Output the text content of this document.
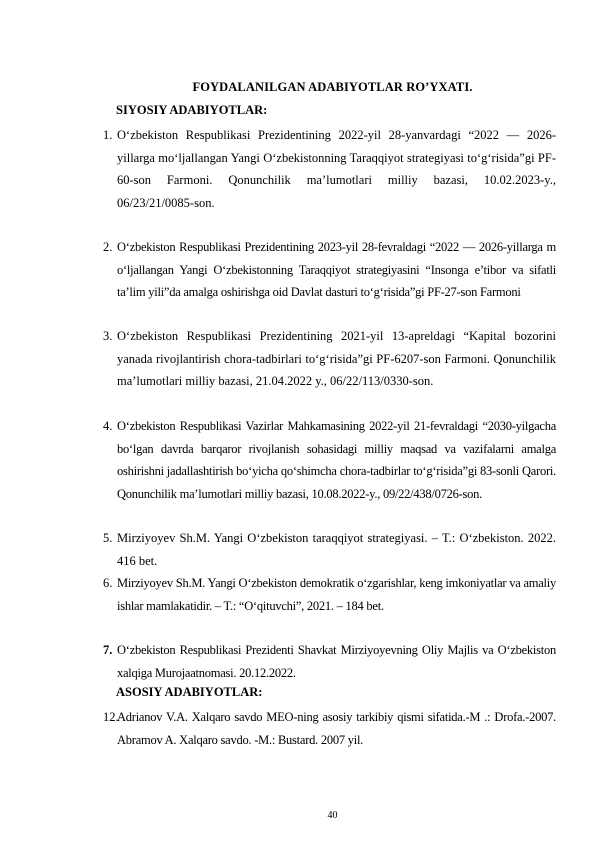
FOYDALANILGAN ADABIYOTLAR RO’YXATI.
SIYOSIY ADABIYOTLAR:
1. O‘zbekiston Respublikasi Prezidentining 2022-yil 28-yanvardagi “2022 — 2026-yillarga mo‘ljallangan Yangi O‘zbekistonning Taraqqiyot strategiyasi to‘g‘risida”gi PF-60-son Farmoni. Qonunchilik ma’lumotlari milliy bazasi, 10.02.2023-y., 06/23/21/0085-son.
2. O‘zbekiston Respublikasi Prezidentining 2023-yil 28-fevraldagi “2022 — 2026-yillarga m o‘ljallangan Yangi O‘zbekistonning Taraqqiyot strategiyasini “Insonga e’tibor va sifatli ta’lim yili”da amalga oshirishga oid Davlat dasturi to‘g‘risida”gi PF-27-son Farmoni
3. O‘zbekiston Respublikasi Prezidentining 2021-yil 13-apreldagi “Kapital bozorini yanada rivojlantirish chora-tadbirlari to‘g‘risida”gi PF-6207-son Farmoni. Qonunchilik ma’lumotlari milliy bazasi, 21.04.2022 y., 06/22/113/0330-son.
4. O‘zbekiston Respublikasi Vazirlar Mahkamasining 2022-yil 21-fevraldagi “2030-yilgacha bo‘lgan davrda barqaror rivojlanish sohasidagi milliy maqsad va vazifalarni amalga oshirishni jadallashtirish bo‘yicha qo‘shimcha chora-tadbirlar to‘g‘risida”gi 83-sonli Qarori. Qonunchilik ma’lumotlari milliy bazasi, 10.08.2022-y., 09/22/438/0726-son.
5. Mirziyoyev Sh.M. Yangi O‘zbekiston taraqqiyot strategiyasi. – T.: O‘zbekiston. 2022. 416 bet.
6. Mirziyoyev Sh.M. Yangi O‘zbekiston demokratik o‘zgarishlar, keng imkoniyatlar va amaliy ishlar mamlakatidir. – T.: “O‘qituvchi”, 2021. – 184 bet.
7. O‘zbekiston Respublikasi Prezidenti Shavkat Mirziyoyevning Oliy Majlis va O‘zbekiston xalqiga Murojaatnomasi. 20.12.2022.
ASOSIY ADABIYOTLAR:
12.
Adrianov V.A. Xalqaro savdo MEO-ning asosiy tarkibiy qismi sifatida.-M .: Drofa.-2007. Abramov A. Xalqaro savdo. -M.: Bustard. 2007 yil.
40
